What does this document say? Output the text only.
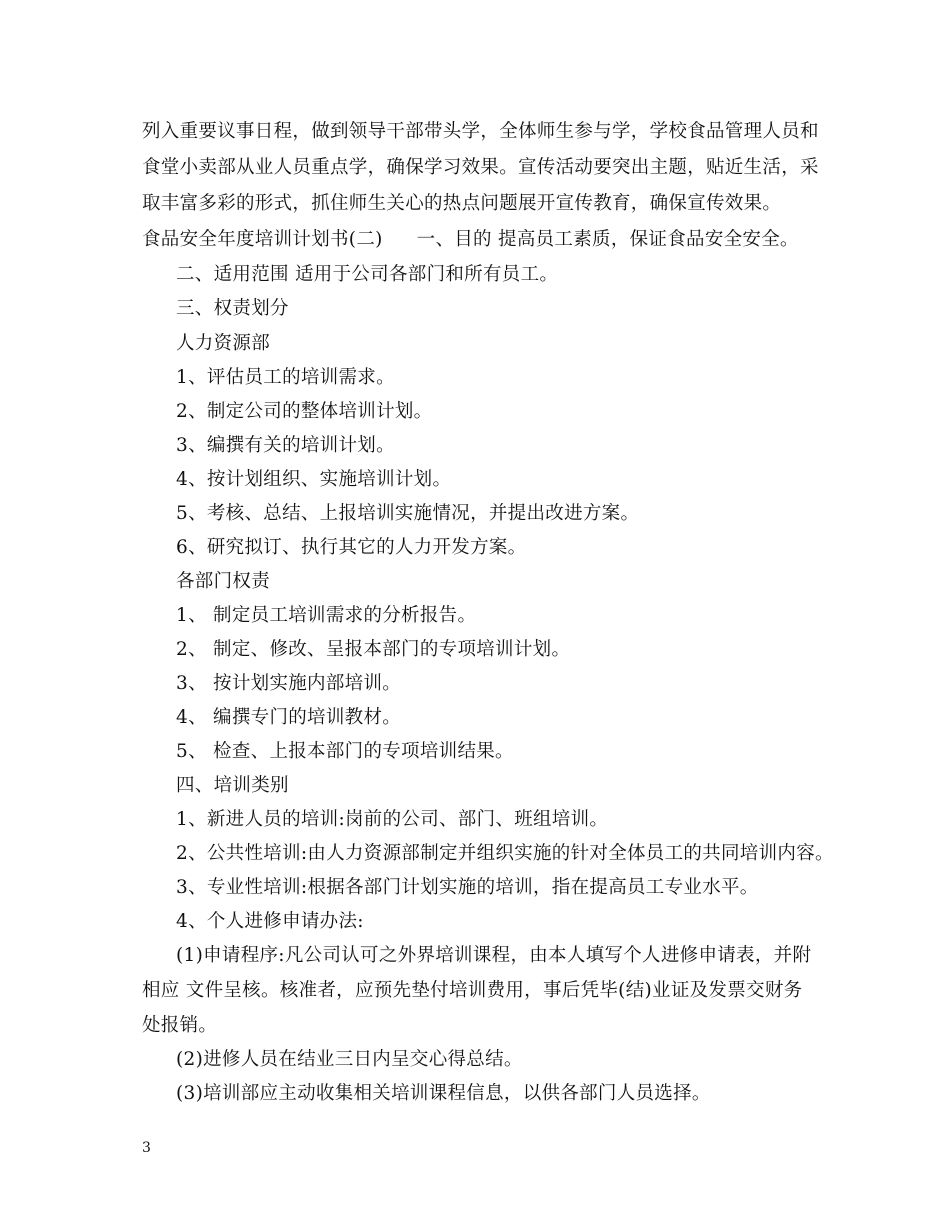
列入重要议事日程，做到领导干部带头学，全体师生参与学，学校食品管理人员和
食堂小卖部从业人员重点学，确保学习效果。宣传活动要突出主题，贴近生活，采
取丰富多彩的形式，抓住师生关心的热点问题展开宣传教育，确保宣传效果。
食品安全年度培训计划书(二) 一、目的 提高员工素质，保证食品安全安全。
二、适用范围 适用于公司各部门和所有员工。
三、权责划分
人力资源部
1、评估员工的培训需求。
2、制定公司的整体培训计划。
3、编撰有关的培训计划。
4、按计划组织、实施培训计划。
5、考核、总结、上报培训实施情况，并提出改进方案。
6、研究拟订、执行其它的人力开发方案。
各部门权责
1、 制定员工培训需求的分析报告。
2、 制定、修改、呈报本部门的专项培训计划。
3、 按计划实施内部培训。
4、 编撰专门的培训教材。
5、 检查、上报本部门的专项培训结果。
四、培训类别
1、新进人员的培训:岗前的公司、部门、班组培训。
2、公共性培训:由人力资源部制定并组织实施的针对全体员工的共同培训内容。
3、专业性培训:根据各部门计划实施的培训，指在提高员工专业水平。
4、个人进修申请办法:
(1)申请程序:凡公司认可之外界培训课程，由本人填写个人进修申请表，并附
相应 文件呈核。核准者，应预先垫付培训费用，事后凭毕(结)业证及发票交财务
处报销。
(2)进修人员在结业三日内呈交心得总结。
(3)培训部应主动收集相关培训课程信息，以供各部门人员选择。
3
